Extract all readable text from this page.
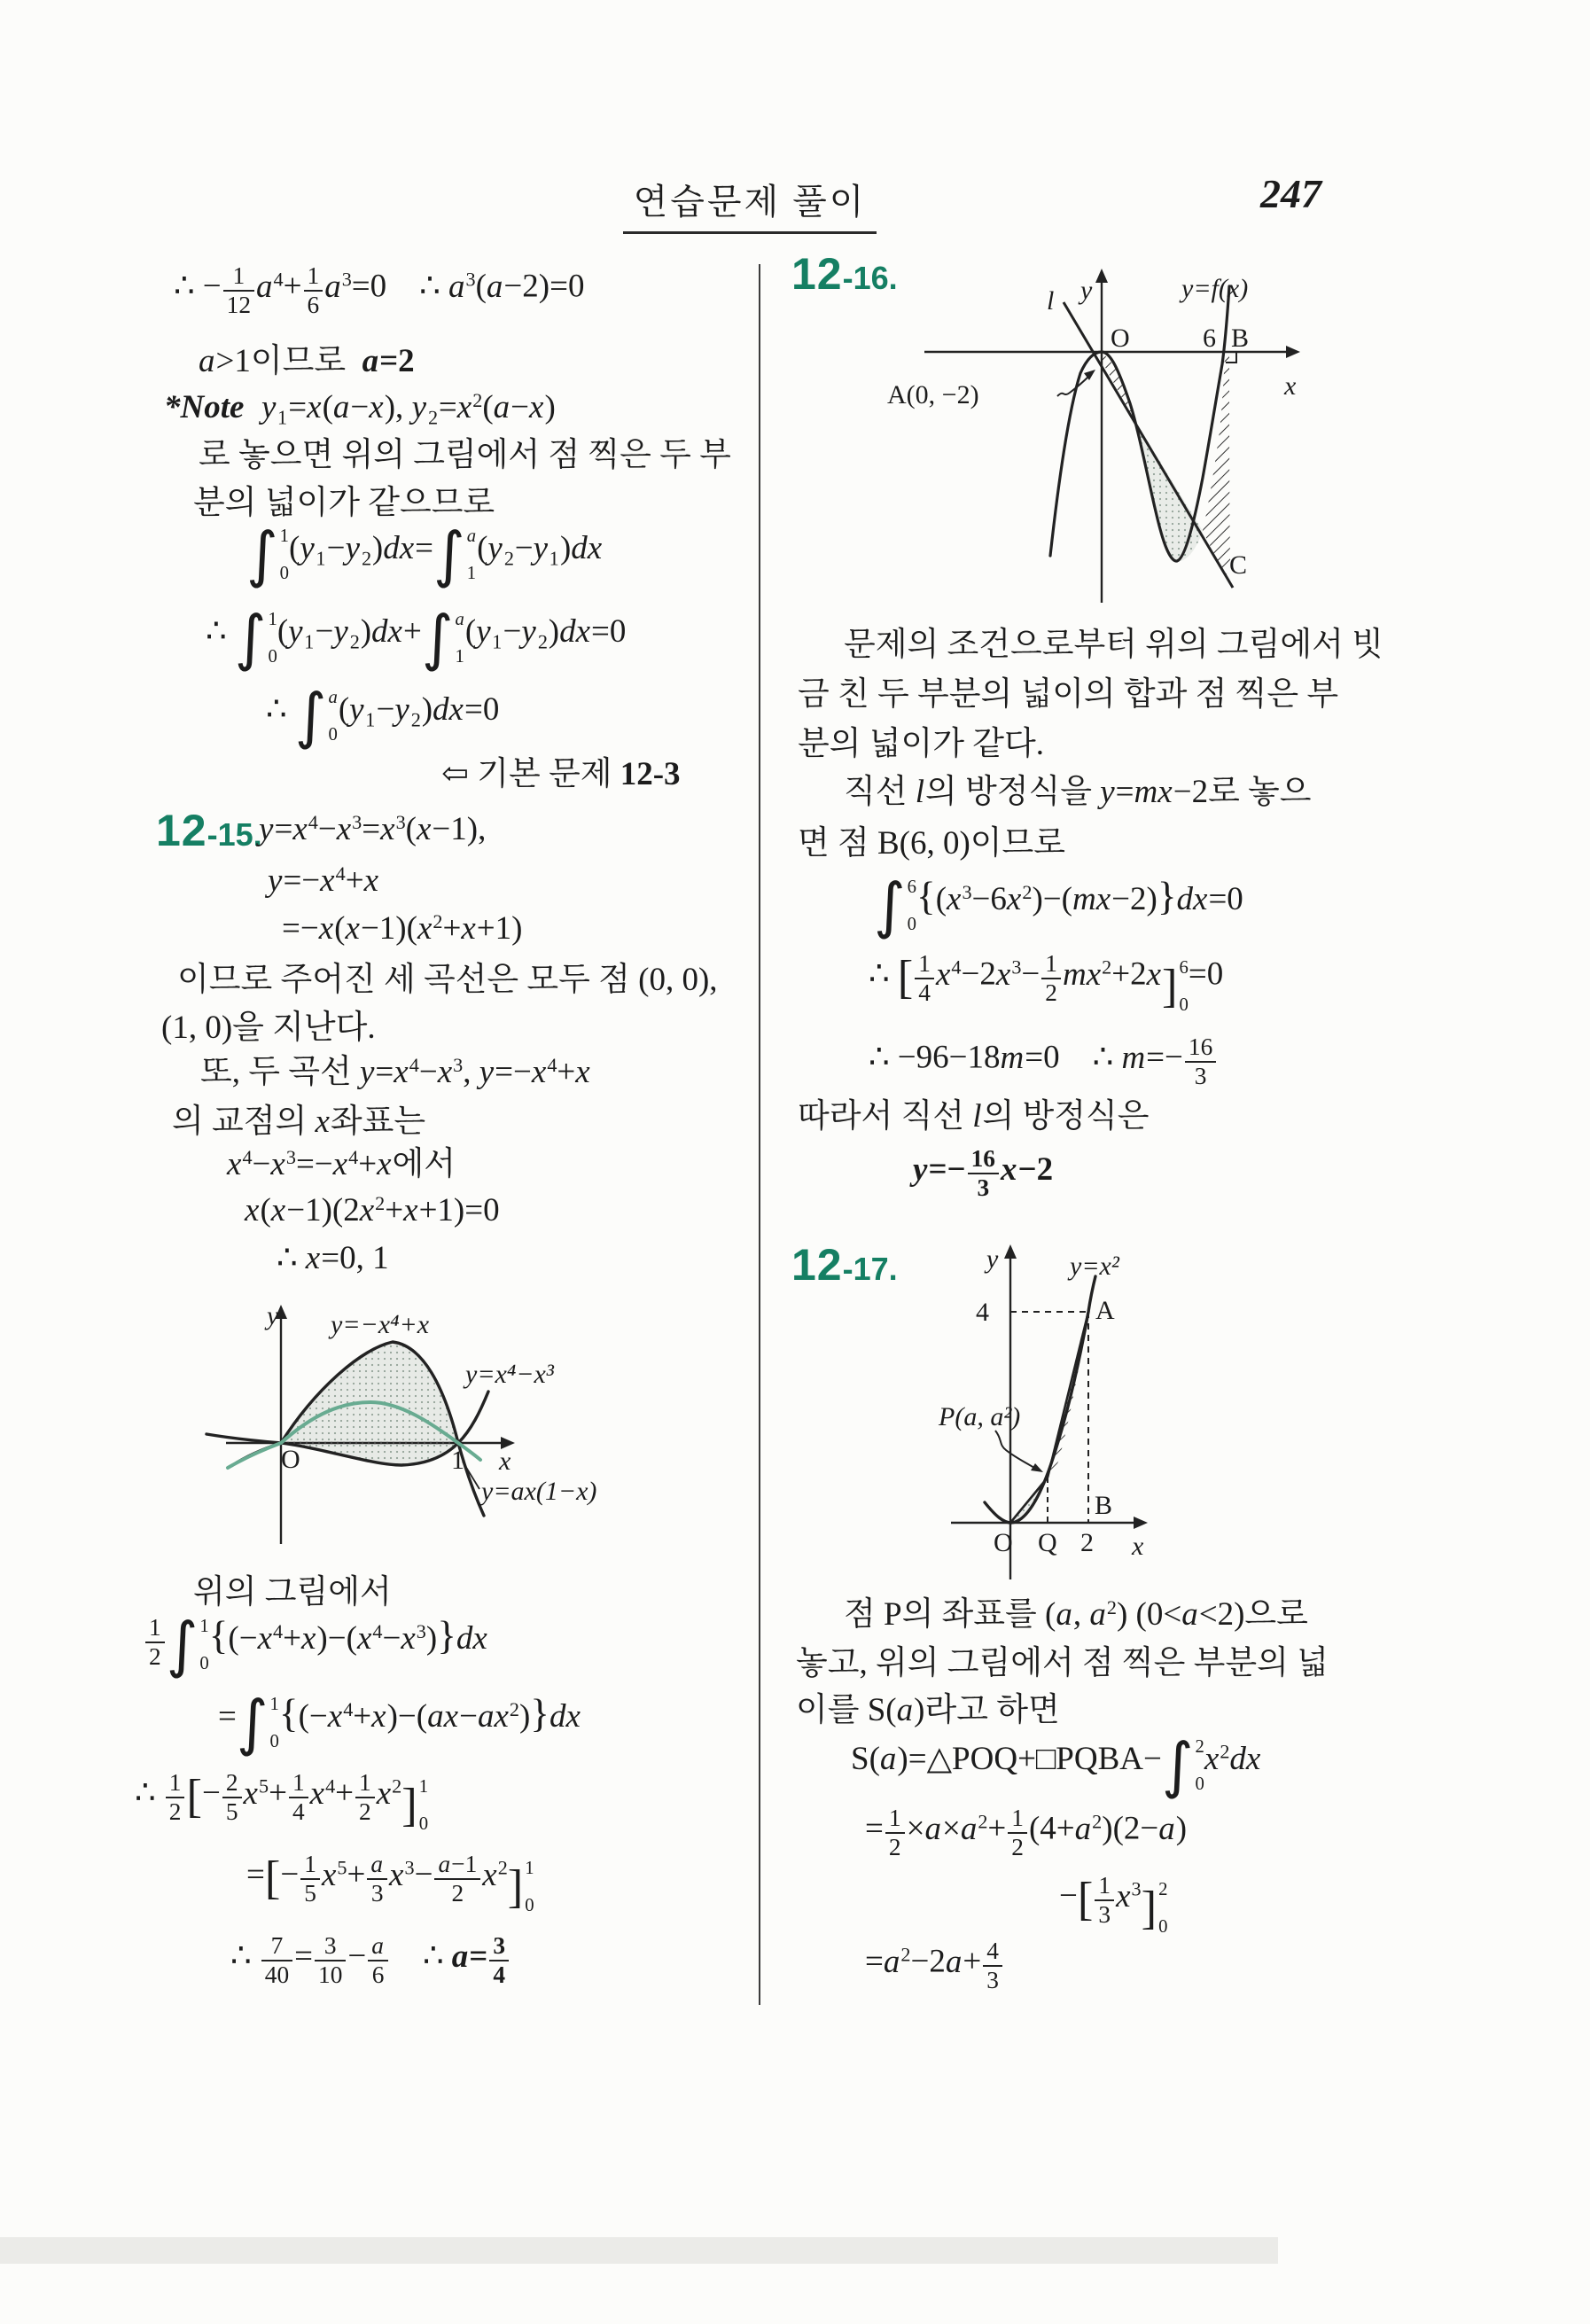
연습문제 풀이	247
∴ − $\frac{1}{12} a^4+ \frac{1}{6} a^3=0$    ∴ $a^3(a-2)=0$
a>1이므로  a=2
*Note y₁=x(a−x), $y_2=x^2(a-x)$
로 놓으면 위의 그림에서 점 찍은 두 부
분의 넓이가 같으므로
∫ 1
0
(y₁−y₂)dx= ∫ a
1
(y₂−y₁)dx
∴ ∫ 1
0
(y₁−y₂)dx+ ∫ a
1
(y₁−y₂)dx=0
∴ ∫ a
0
(y₁−y₂)dx=0
⇦ 기본 문제 12-3
12 -15.
$y=x^4-x^3=x^3(x-1)$,
$y=-x^4+x$
$=-x(x-1)(x^2+x+1)$
이므로 주어진 세 곡선은 모두 점 (0, 0),
(1, 0)을 지난다.
또, 두 곡선 $y=x^4-x^3$, $y=-x^4+x$
의 교점의 x좌표는
$x^4-x^3=-x^4+x$에서
$x(x-1)(2x^2+x+1)=0$
∴ x=0, 1
y
x
O	1
y=−x⁴+x
y=x⁴−x³
y=ax(1−x)
위의 그림에서
$\frac{1}{2}$ ∫ 1
0
$\{(-x^4+x)-(x^4-x^3)\}dx$
= ∫ 1
0
$\{(-x^4+x)-(ax-ax^2)\}dx$
∴ $\frac{1}{2}$ [− $\frac{2}{5} x^5+ \frac{1}{4} x^4+ \frac{1}{2} x^2$ ] 1
0
=[− $\frac{1}{5} x^5+ \frac{a}{3} x^3- \frac{a-1}{2} x^2$ ] 1
0
∴ $\frac{7}{40} = \frac{3}{10} - \frac{a}{6}$ ∴ $a= \frac{3}{4}$
12 -16.	y
x
l
O	6 B
C
y=f(x)
A(0, −2)
문제의 조건으로부터 위의 그림에서 빗
금 친 두 부분의 넓이의 합과 점 찍은 부
분의 넓이가 같다.
직선 l의 방정식을 y=mx−2로 놓으
면 점 B(6, 0)이므로
∫ 6
0
$\{(x^3-6x^2)-(mx-2)\}dx=0$
∴ [ $\frac{1}{4} x^4-2x^3- \frac{1}{2} mx^2+2x$ ] 6
0
=0
∴ −96−18m=0    ∴ $m=- \frac{16}{3}$
따라서 직선 l의 방정식은
$y=- \frac{16}{3} x-2$
12 -17.	y
x
O Q 2
B
A
4
y=x²
P(a, a²)
점 P의 좌표를 (a, $a^2$) (0<a<2)으로
놓고, 위의 그림에서 점 찍은 부분의 넓
이를 S(a)라고 하면
S(a)=△POQ+□PQBA− ∫ 2
0
$x^2dx$
= $\frac{1}{2} \times a\times a^2+ \frac{1}{2} (4+a^2)(2-a)$
−[ $\frac{1}{3} x^3$ ] 2
0
$=a^2-2a+ \frac{4}{3}$
